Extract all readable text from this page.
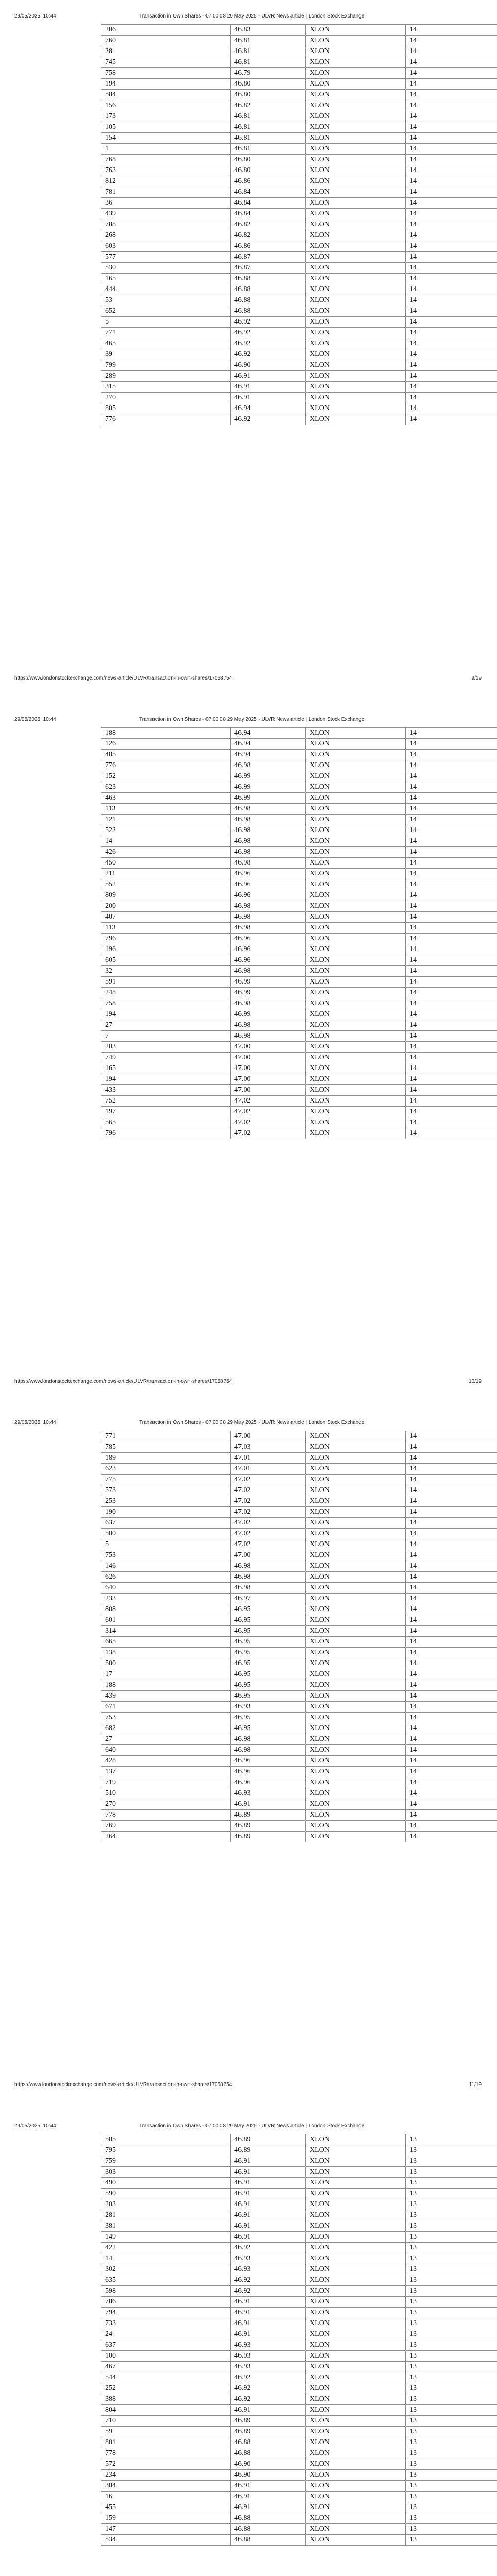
29/05/2025, 10:44	Transaction in Own Shares - 07:00:08 29 May 2025 - ULVR News article | London Stock Exchange
206	46.83	XLON	14
760	46.81	XLON	14
28	46.81	XLON	14
745	46.81	XLON	14
758	46.79	XLON	14
194	46.80	XLON	14
584	46.80	XLON	14
156	46.82	XLON	14
173	46.81	XLON	14
105	46.81	XLON	14
154	46.81	XLON	14
1	46.81	XLON	14
768	46.80	XLON	14
763	46.80	XLON	14
812	46.86	XLON	14
781	46.84	XLON	14
36	46.84	XLON	14
439	46.84	XLON	14
788	46.82	XLON	14
268	46.82	XLON	14
603	46.86	XLON	14
577	46.87	XLON	14
530	46.87	XLON	14
165	46.88	XLON	14
444	46.88	XLON	14
53	46.88	XLON	14
652	46.88	XLON	14
5	46.92	XLON	14
771	46.92	XLON	14
465	46.92	XLON	14
39	46.92	XLON	14
799	46.90	XLON	14
289	46.91	XLON	14
315	46.91	XLON	14
270	46.91	XLON	14
805	46.94	XLON	14
776	46.92	XLON	14
https://www.londonstockexchange.com/news-article/ULVR/transaction-in-own-shares/17058754	9/19
29/05/2025, 10:44	Transaction in Own Shares - 07:00:08 29 May 2025 - ULVR News article | London Stock Exchange
188	46.94	XLON	14
126	46.94	XLON	14
485	46.94	XLON	14
776	46.98	XLON	14
152	46.99	XLON	14
623	46.99	XLON	14
463	46.99	XLON	14
113	46.98	XLON	14
121	46.98	XLON	14
522	46.98	XLON	14
14	46.98	XLON	14
426	46.98	XLON	14
450	46.98	XLON	14
211	46.96	XLON	14
552	46.96	XLON	14
809	46.96	XLON	14
200	46.98	XLON	14
407	46.98	XLON	14
113	46.98	XLON	14
796	46.96	XLON	14
196	46.96	XLON	14
605	46.96	XLON	14
32	46.98	XLON	14
591	46.99	XLON	14
248	46.99	XLON	14
758	46.98	XLON	14
194	46.99	XLON	14
27	46.98	XLON	14
7	46.98	XLON	14
203	47.00	XLON	14
749	47.00	XLON	14
165	47.00	XLON	14
194	47.00	XLON	14
433	47.00	XLON	14
752	47.02	XLON	14
197	47.02	XLON	14
565	47.02	XLON	14
796	47.02	XLON	14
https://www.londonstockexchange.com/news-article/ULVR/transaction-in-own-shares/17058754	10/19
29/05/2025, 10:44	Transaction in Own Shares - 07:00:08 29 May 2025 - ULVR News article | London Stock Exchange
771	47.00	XLON	14
785	47.03	XLON	14
189	47.01	XLON	14
623	47.01	XLON	14
775	47.02	XLON	14
573	47.02	XLON	14
253	47.02	XLON	14
190	47.02	XLON	14
637	47.02	XLON	14
500	47.02	XLON	14
5	47.02	XLON	14
753	47.00	XLON	14
146	46.98	XLON	14
626	46.98	XLON	14
640	46.98	XLON	14
233	46.97	XLON	14
808	46.95	XLON	14
601	46.95	XLON	14
314	46.95	XLON	14
665	46.95	XLON	14
138	46.95	XLON	14
500	46.95	XLON	14
17	46.95	XLON	14
188	46.95	XLON	14
439	46.95	XLON	14
671	46.93	XLON	14
753	46.95	XLON	14
682	46.95	XLON	14
27	46.98	XLON	14
640	46.98	XLON	14
428	46.96	XLON	14
137	46.96	XLON	14
719	46.96	XLON	14
510	46.93	XLON	14
270	46.91	XLON	14
778	46.89	XLON	14
769	46.89	XLON	14
264	46.89	XLON	14
https://www.londonstockexchange.com/news-article/ULVR/transaction-in-own-shares/17058754	11/19
29/05/2025, 10:44	Transaction in Own Shares - 07:00:08 29 May 2025 - ULVR News article | London Stock Exchange
505	46.89	XLON	13
795	46.89	XLON	13
759	46.91	XLON	13
303	46.91	XLON	13
490	46.91	XLON	13
590	46.91	XLON	13
203	46.91	XLON	13
281	46.91	XLON	13
381	46.91	XLON	13
149	46.91	XLON	13
422	46.92	XLON	13
14	46.93	XLON	13
302	46.93	XLON	13
635	46.92	XLON	13
598	46.92	XLON	13
786	46.91	XLON	13
794	46.91	XLON	13
733	46.91	XLON	13
24	46.91	XLON	13
637	46.93	XLON	13
100	46.93	XLON	13
467	46.93	XLON	13
544	46.92	XLON	13
252	46.92	XLON	13
388	46.92	XLON	13
804	46.91	XLON	13
710	46.89	XLON	13
59	46.89	XLON	13
801	46.88	XLON	13
778	46.88	XLON	13
572	46.90	XLON	13
234	46.90	XLON	13
304	46.91	XLON	13
16	46.91	XLON	13
455	46.91	XLON	13
159	46.88	XLON	13
147	46.88	XLON	13
534	46.88	XLON	13
